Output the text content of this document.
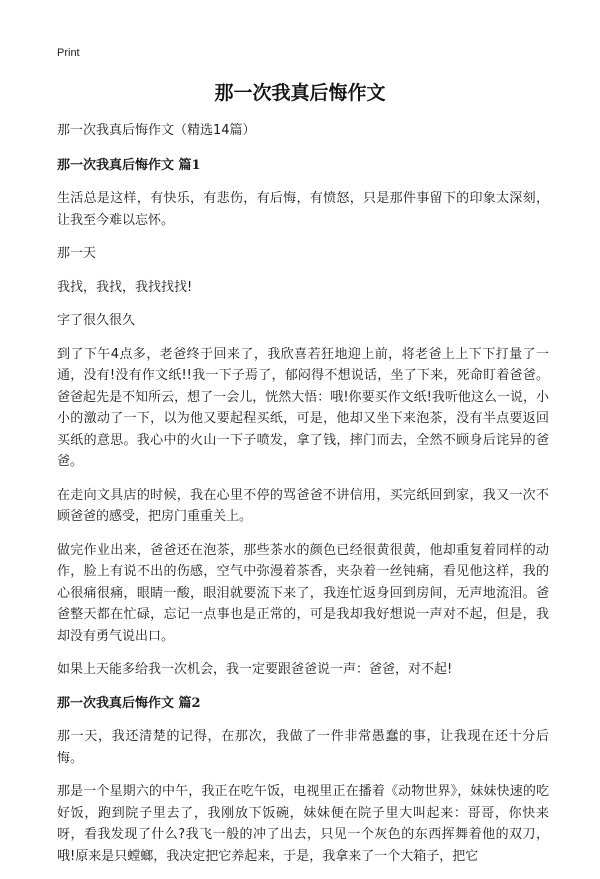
Print
那一次我真后悔作文

那一次我真后悔作文（精选14篇）

那一次我真后悔作文 篇1

生活总是这样，有快乐，有悲伤，有后悔，有愤怒，只是那件事留下的印象太深刻，让我至今难以忘怀。

那一天

我找，我找，我找找找!

字了很久很久

到了下午4点多，老爸终于回来了，我欣喜若狂地迎上前，将老爸上上下下打量了一通，没有!没有作文纸!!我一下子焉了，郁闷得不想说话，坐了下来，死命盯着爸爸。爸爸起先是不知所云，想了一会儿，恍然大悟：哦!你要买作文纸!我听他这么一说，小小的激动了一下，以为他又要起程买纸，可是，他却又坐下来泡茶，没有半点要返回买纸的意思。我心中的火山一下子喷发，拿了钱，摔门而去，全然不顾身后诧异的爸爸。

在走向文具店的时候，我在心里不停的骂爸爸不讲信用，买完纸回到家，我又一次不顾爸爸的感受，把房门重重关上。

做完作业出来，爸爸还在泡茶，那些茶水的颜色已经很黄很黄，他却重复着同样的动作，脸上有说不出的伤感，空气中弥漫着茶香，夹杂着一丝钝痛，看见他这样，我的心很痛很痛，眼睛一酸，眼泪就要流下来了，我连忙返身回到房间，无声地流泪。爸爸整天都在忙碌，忘记一点事也是正常的，可是我却我好想说一声对不起，但是，我却没有勇气说出口。

如果上天能多给我一次机会，我一定要跟爸爸说一声：爸爸，对不起!

那一次我真后悔作文 篇2

那一天，我还清楚的记得，在那次，我做了一件非常愚蠢的事，让我现在还十分后悔。

那是一个星期六的中午，我正在吃午饭，电视里正在播着《动物世界》，妹妹快速的吃好饭，跑到院子里去了，我刚放下饭碗，妹妹便在院子里大叫起来：哥哥，你快来呀，看我发现了什么?我飞一般的冲了出去，只见一个灰色的东西挥舞着他的双刀，哦!原来是只螳螂，我决定把它养起来，于是，我拿来了一个大箱子，把它
